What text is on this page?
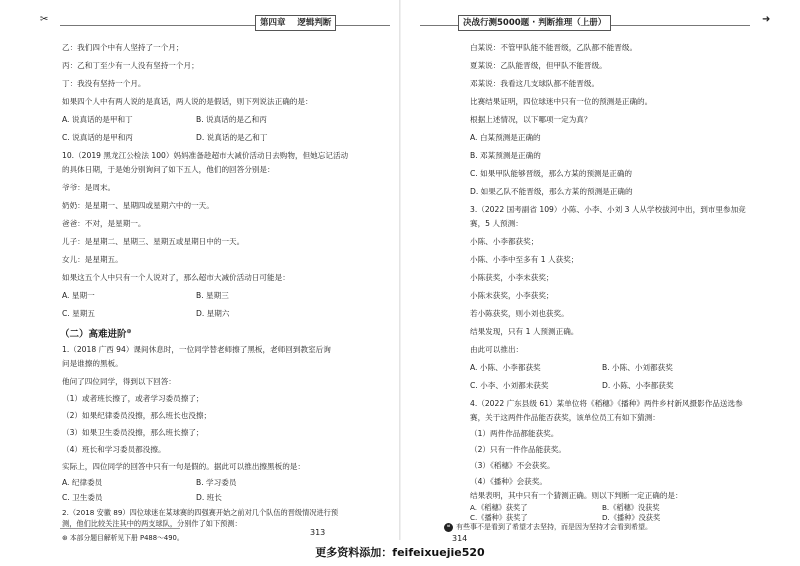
✂	第四章 逻辑判断
乙：我们四个中有人坚持了一个月；
丙：乙和丁至少有一人没有坚持一个月；
丁：我没有坚持一个月。
如果四个人中有两人说的是真话，两人说的是假话，则下列说法正确的是：
A. 说真话的是甲和丁	B. 说真话的是乙和丙
C. 说真话的是甲和丙	D. 说真话的是乙和丁
10.（2019 黑龙江公检法 100）妈妈准备趁超市大减价活动日去购物，但她忘记活动
的具体日期，于是她分别询问了如下五人，他们的回答分别是：
爷爷：是周末。
奶奶：是星期一、星期四或星期六中的一天。
爸爸：不对，是星期一。
儿子：是星期二、星期三、星期五或星期日中的一天。
女儿：是星期五。
如果这五个人中只有一个人说对了，那么超市大减价活动日可能是：
A. 星期一	B. 星期三
C. 星期五	D. 星期六
（二）高难进阶⊛
1.（2018 广西 94）课间休息时，一位同学替老师擦了黑板，老师回到教室后询
问是谁擦的黑板。
他问了四位同学，得到以下回答：
（1）或者班长擦了，或者学习委员擦了；
（2）如果纪律委员没擦，那么班长也没擦；
（3）如果卫生委员没擦，那么班长擦了；
（4）班长和学习委员都没擦。
实际上，四位同学的回答中只有一句是假的。据此可以推出擦黑板的是：
A. 纪律委员	B. 学习委员
C. 卫生委员	D. 班长
2.（2018 安徽 89）四位球迷在某球赛的四强赛开始之前对几个队伍的晋级情况进行预
测，他们比较关注其中的两支球队，分别作了如下预测：
313
决战行测5000题 · 判断推理（上册）	➜
白某说：不管甲队能不能晋级，乙队都不能晋级。
夏某说：乙队能晋级，但甲队不能晋级。
邓某说：我看这几支球队都不能晋级。
比赛结果证明，四位球迷中只有一位的预测是正确的。
根据上述情况，以下哪项一定为真？
A. 白某预测是正确的
B. 邓某预测是正确的
C. 如果甲队能够晋级，那么方某的预测是正确的
D. 如果乙队不能晋级，那么方某的预测是正确的
3.（2022 国考副省 109）小陈、小李、小刘 3 人从学校拔河中出，到市里参加竞
赛，5 人预测：
小陈、小李都获奖；
小陈、小李中至多有 1 人获奖；
小陈获奖，小李未获奖；
小陈未获奖，小李获奖；
若小陈获奖，则小刘也获奖。
结果发现，只有 1 人预测正确。
由此可以推出：
A. 小陈、小李都获奖	B. 小陈、小刘都获奖
C. 小李、小刘都未获奖	D. 小陈、小李都获奖
4.（2022 广东县级 61）某单位将《稻穗》《播种》两件乡村新风摄影作品送选参
赛，关于这两件作品能否获奖，该单位员工有如下猜测：
（1）两件作品都能获奖。
（2）只有一件作品能获奖。
（3）《稻穗》不会获奖。
（4）《播种》会获奖。
结果表明，其中只有一个猜测正确。则以下判断一定正确的是：
A.《稻穗》获奖了	B.《稻穗》没获奖
C.《播种》获奖了	D.《播种》没获奖
❝ 有些事不是看到了希望才去坚持，而是因为坚持才会看到希望。
314
⊛ 本部分题目解析见下册 P488～490。
更多资料添加：feifeixuejie520
